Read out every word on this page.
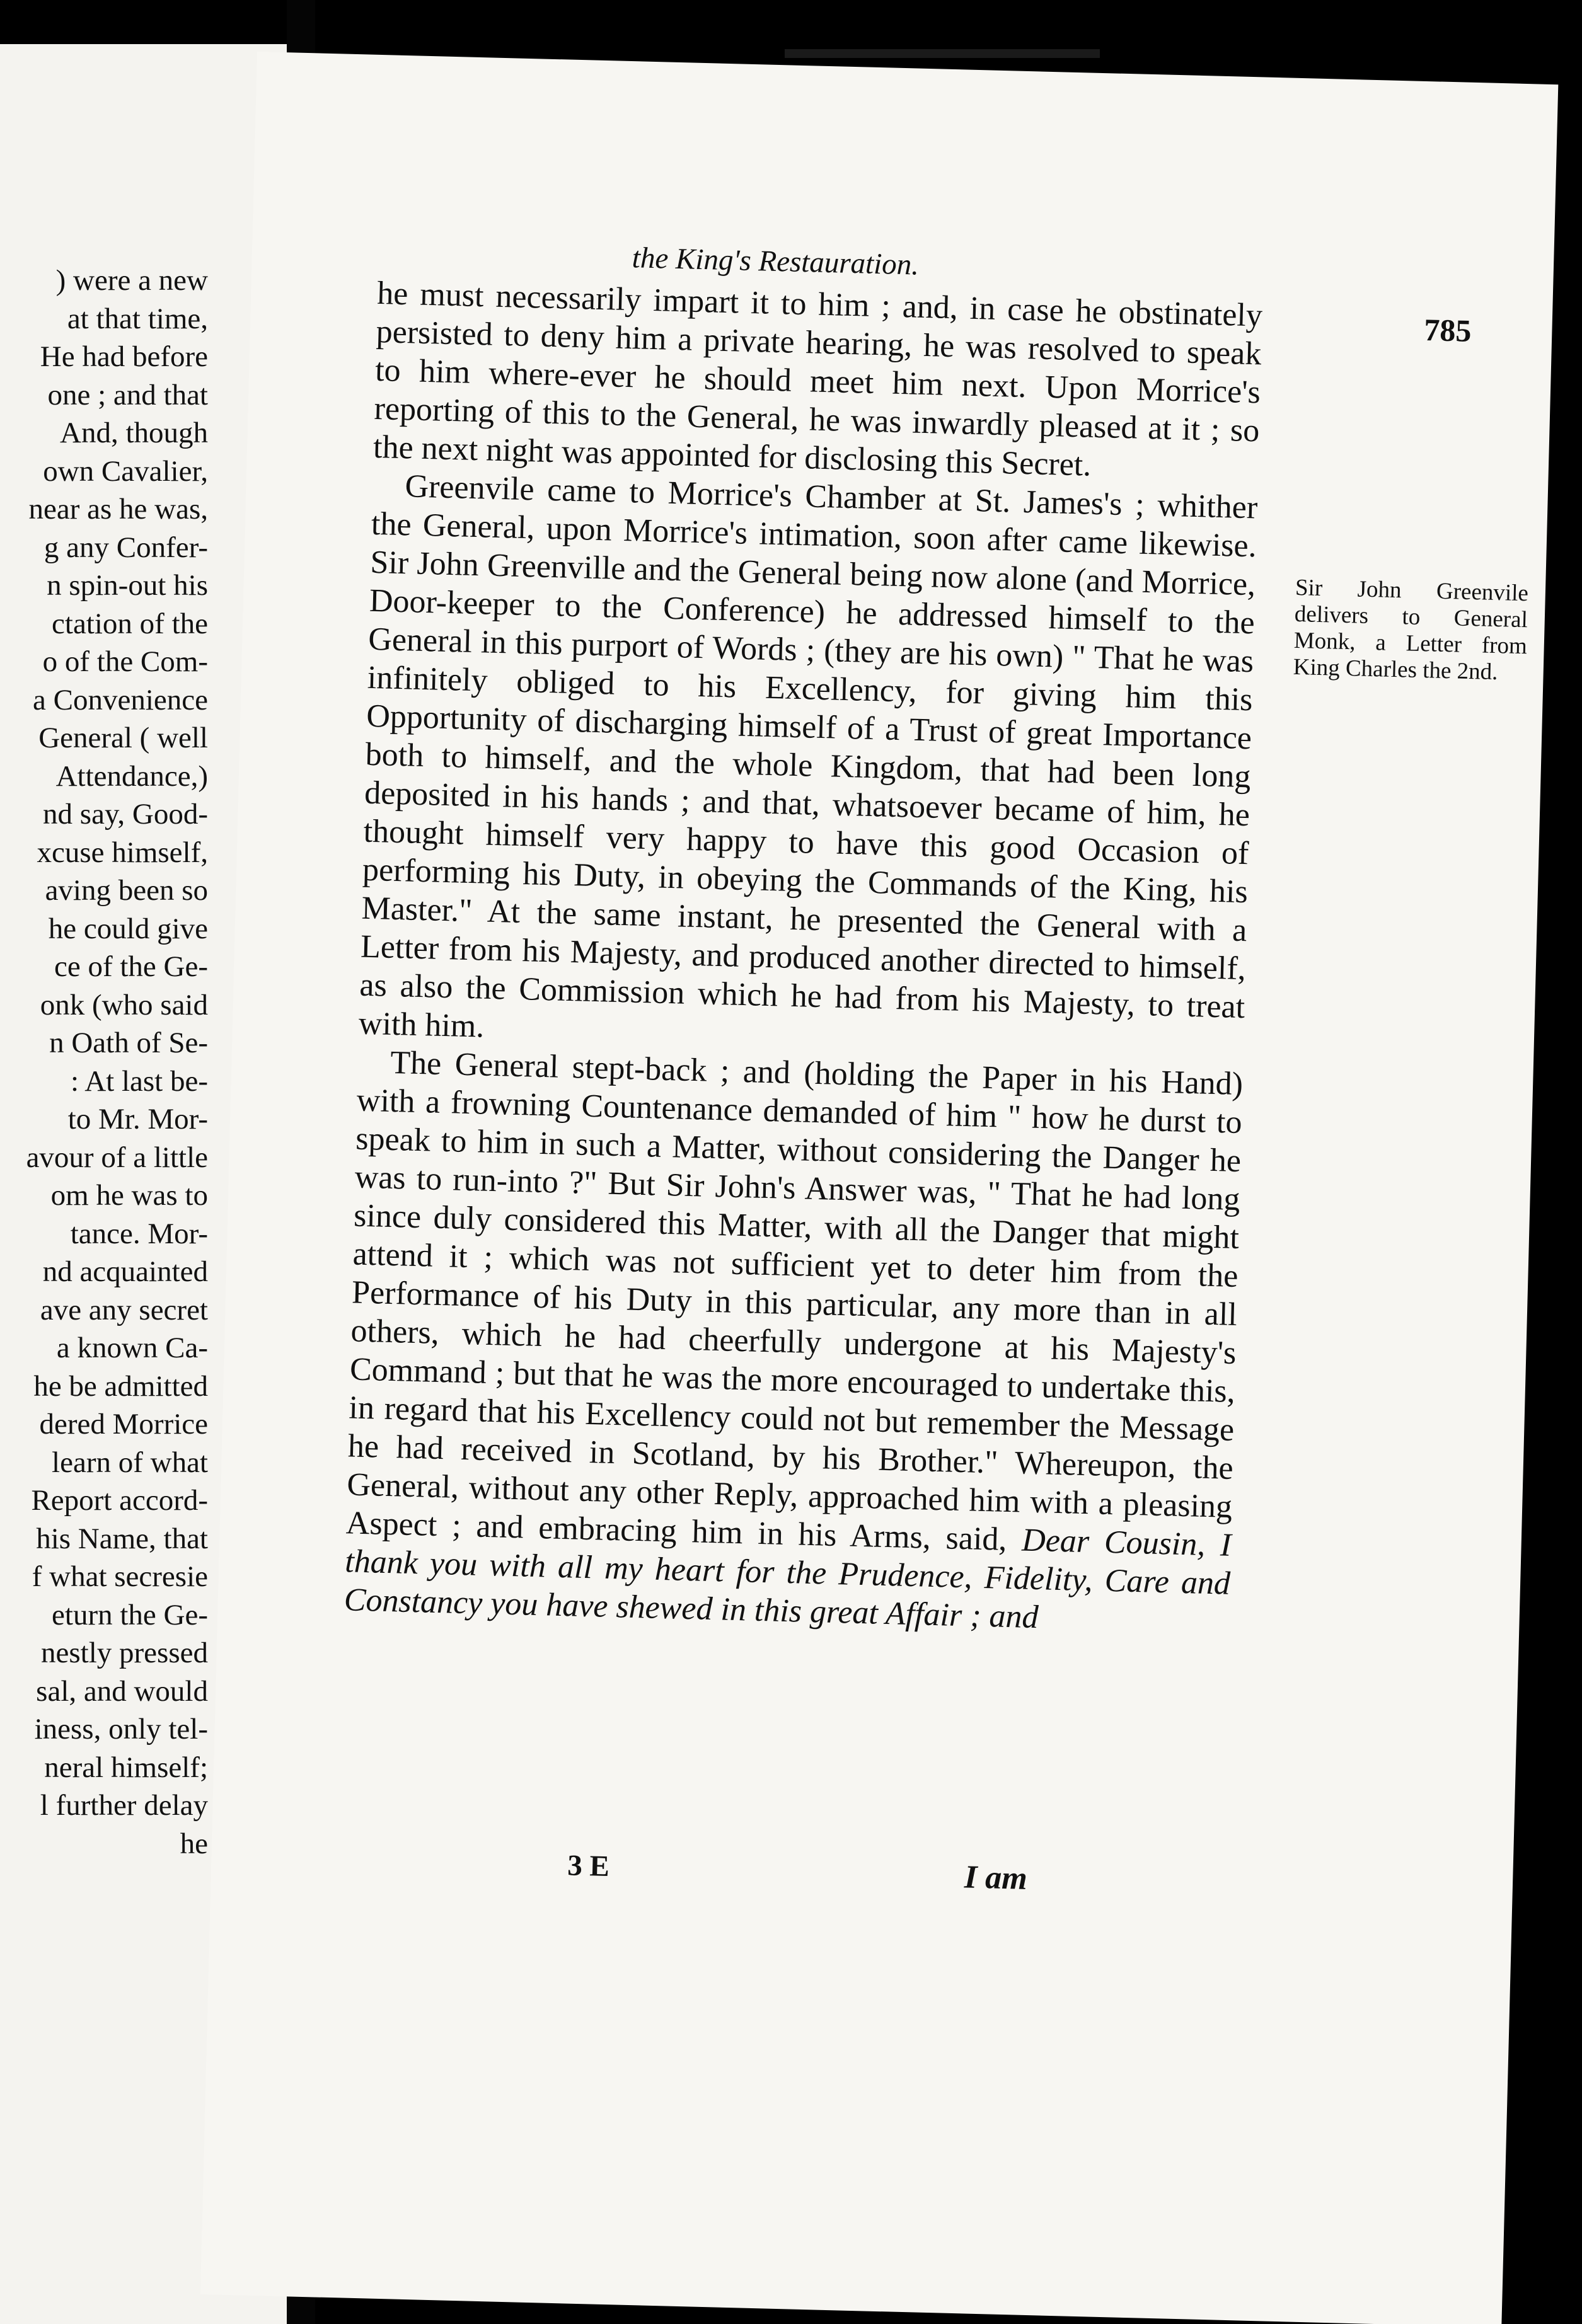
) were a new
at that time,
He had before
one ; and that
And, though
own Cavalier,
near as he was,
g any Confer-
n spin-out his
ctation of the
o of the Com-
a Convenience
General ( well
Attendance,)
nd say, Good-
xcuse himself,
aving been so
he could give
ce of the Ge-
onk (who said
n Oath of Se-
: At last be-
to Mr. Mor-
avour of a little
om he was to
tance. Mor-
nd acquainted
ave any secret
a known Ca-
he be admitted
dered Morrice
learn of what
Report accord-
his Name, that
f what secresie
eturn the Ge-
nestly pressed
sal, and would
iness, only tel-
neral himself;
l further delay
he
the King's Restauration.
785

he must necessarily impart it to him ; and, in case he obstinately persisted to deny him a private hearing, he was resolved to speak to him where-ever he should meet him next. Upon Morrice's reporting of this to the General, he was inwardly pleased at it ; so the next night was appointed for disclosing this Secret.

Greenvile came to Morrice's Chamber at St. James's ; whither the General, upon Morrice's intimation, soon after came likewise. Sir John Greenville and the General being now alone (and Morrice, Door-keeper to the Conference) he addressed himself to the General in this purport of Words ; (they are his own) " That he was infinitely obliged to his Excellency, for giving him this Opportunity of discharging himself of a Trust of great Importance both to himself, and the whole Kingdom, that had been long deposited in his hands ; and that, whatsoever became of him, he thought himself very happy to have this good Occasion of performing his Duty, in obeying the Commands of the King, his Master." At the same instant, he presented the General with a Letter from his Majesty, and produced another directed to himself, as also the Commission which he had from his Majesty, to treat with him.

The General stept-back ; and (holding the Paper in his Hand) with a frowning Countenance demanded of him " how he durst to speak to him in such a Matter, without considering the Danger he was to run-into ?" But Sir John's Answer was, " That he had long since duly considered this Matter, with all the Danger that might attend it ; which was not sufficient yet to deter him from the Performance of his Duty in this particular, any more than in all others, which he had cheerfully undergone at his Majesty's Command ; but that he was the more encouraged to undertake this, in regard that his Excellency could not but remember the Message he had received in Scotland, by his Brother." Whereupon, the General, without any other Reply, approached him with a pleasing Aspect ; and embracing him in his Arms, said, Dear Cousin, I thank you with all my heart for the Prudence, Fidelity, Care and Constancy you have shewed in this great Affair ; and

Sir John Greenvile delivers to General Monk, a Letter from King Charles the 2nd.
3 E	I am
